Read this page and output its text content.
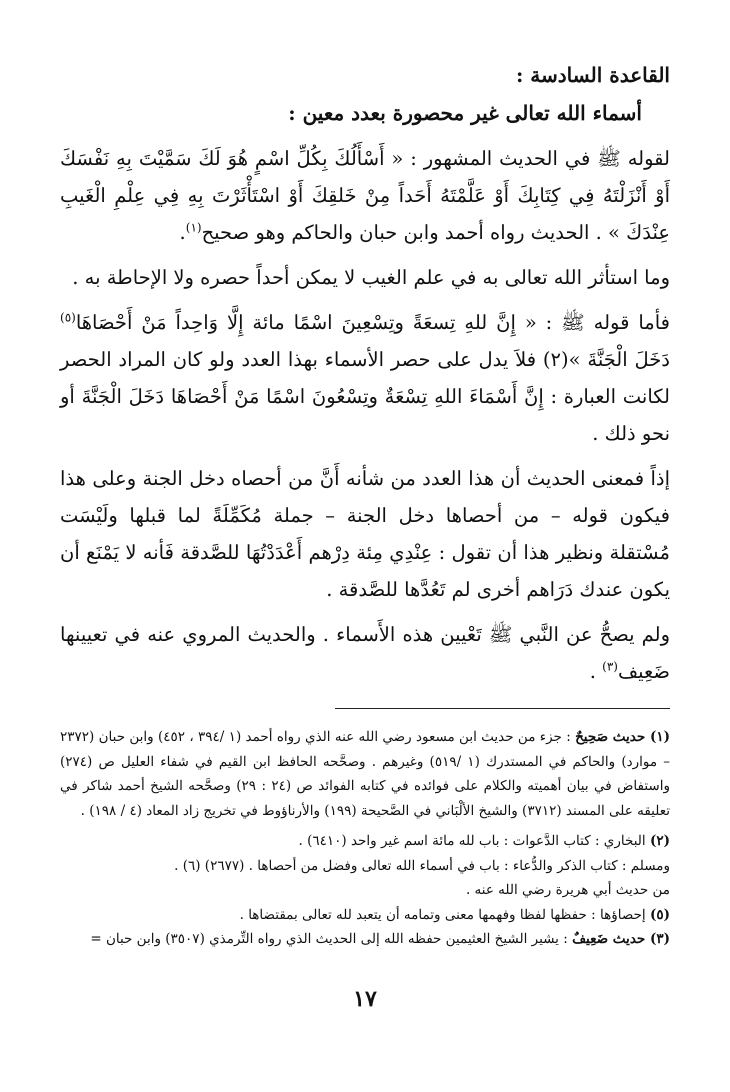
القاعدة السادسة :
أسماء الله تعالى غير محصورة بعدد معين :

لقوله ﷺ في الحديث المشهور : « أَسْأَلُكَ بِكُلِّ اسْمٍ هُوَ لَكَ سَمَّيْتَ بِهِ نَفْسَكَ أَوْ أَنْزَلْتَهُ فِي كِتَابِكَ أَوْ عَلَّمْتَهُ أَحَداً مِنْ خَلقِكَ أَوْ اسْتَأْثَرْتَ بِهِ فِي عِلْمِ الْغَيبِ عِنْدَكَ » . الحديث رواه أحمد وابن حبان والحاكم وهو صحيح$^{(١)}$.

وما استأثر الله تعالى به في علم الغيب لا يمكن أحداً حصره ولا الإحاطة به .

فأما قوله ﷺ : « إِنَّ للهِ تِسعَةً وتِسْعِينَ اسْمًا مائة إِلَّا وَاحِداً مَنْ أَحْصَاهَا$^{(٥)}$ دَخَلَ الْجَنَّةَ »(٢) فلاَ يدل على حصر الأسماء بهذا العدد ولو كان المراد الحصر لكانت العبارة : إِنَّ أَسْمَاءَ اللهِ تِسْعَةٌ وتِسْعُونَ اسْمًا مَنْ أَحْصَاهَا دَخَلَ الْجَنَّةَ أو نحو ذلك .

إذاً فمعنى الحديث أن هذا العدد من شأنه أَنَّ من أحصاه دخل الجنة وعلى هذا فيكون قوله – من أحصاها دخل الجنة – جملة مُكَمِّلَةً لما قبلها ولَيْسَت مُسْتقلة ونظير هذا أن تقول : عِنْدِي مِئة دِرْهم أَعْدَدْتُهَا للصَّدقة فَأنه لا يَمْنَع أن يكون عندك دَرَاهم أخرى لم تَعُدَّها للصَّدقة .

ولم يصحُّ عن النَّبي ﷺ تَعْيين هذه الأَسماء . والحديث المروي عنه في تعيينها ضَعِيف$^{(٣)}$ .

(١) حديث صَحِيحٌ : جزء من حديث ابن مسعود رضي الله عنه الذي رواه أحمد (١ /٣٩٤ ، ٤٥٢) وابن حبان (٢٣٧٢ – موارد) والحاكم في المستدرك (١ /٥١٩) وغيرهم . وصحَّحه الحافظ ابن القيم في شفاء العليل ص (٢٧٤) واستفاض في بيان أهميته والكلام على فوائده في كتابه الفوائد ص (٢٤ : ٢٩) وصحَّحه الشيخ أحمد شاكر في تعليقه على المسند (٣٧١٢) والشيخ الألْبَاني في الصَّحيحة (١٩٩) والأرناؤوط في تخريج زاد المعاد (٤ / ١٩٨) .

(٢) البخاري : كتاب الدَّعوات : باب لله مائة اسم غير واحد (٦٤١٠) .

ومسلم : كتاب الذكر والدُّعاء : باب في أسماء الله تعالى وفضل من أحصاها . (٢٦٧٧) (٦) .

من حديث أبي هريرة رضي الله عنه .

(٥) إحصاؤها : حفظها لفظا وفهمها معنى وتمامه أن يتعبد لله تعالى بمقتضاها .

(٣) حديث ضَعِيفٌ : يشير الشيخ العثيمين حفظه الله إلى الحديث الذي رواه التِّرمذي (٣٥٠٧) وابن حبان =

١٧
